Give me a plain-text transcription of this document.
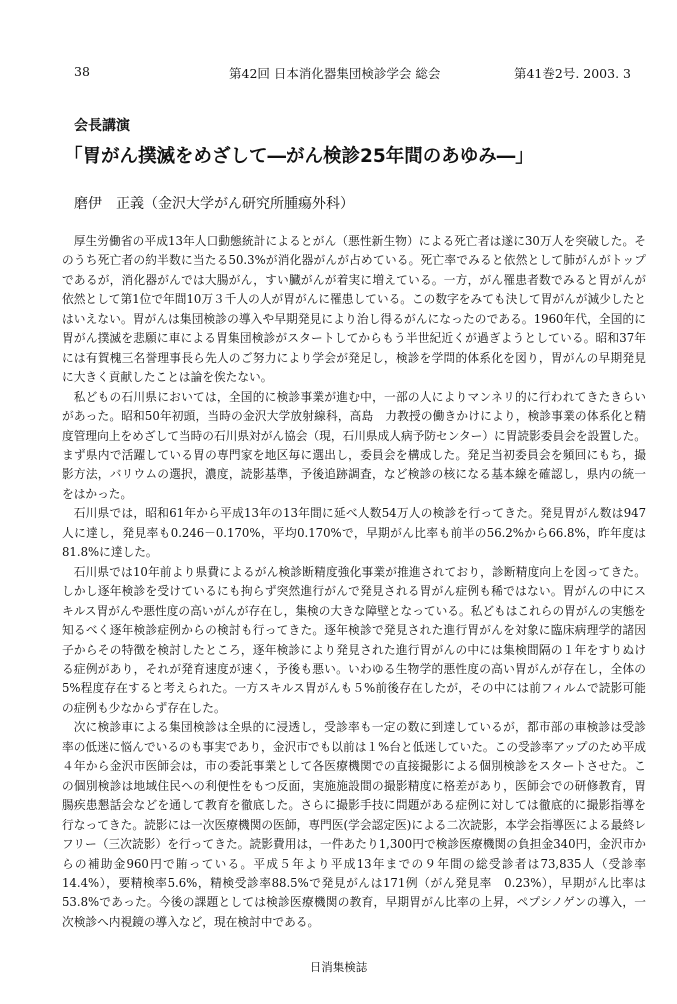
38	第42回 日本消化器集団検診学会 総会	第41巻2号. 2003. 3
会長講演
「胃がん撲滅をめざして―がん検診25年間のあゆみ―」
磨伊　正義（金沢大学がん研究所腫瘍外科）

厚生労働省の平成13年人口動態統計によるとがん（悪性新生物）による死亡者は遂に30万人を突破した。そのうち死亡者の約半数に当たる50.3%が消化器がんが占めている。死亡率でみると依然として肺がんがトップであるが，消化器がんでは大腸がん，すい臓がんが着実に増えている。一方，がん罹患者数でみると胃がんが依然として第1位で年間10万３千人の人が胃がんに罹患している。この数字をみても決して胃がんが減少したとはいえない。胃がんは集団検診の導入や早期発見により治し得るがんになったのである。1960年代，全国的に胃がん撲滅を悲願に車による胃集団検診がスタートしてからもう半世紀近くが過ぎようとしている。昭和37年には有賀槐三名誉理事長ら先人のご努力により学会が発足し，検診を学問的体系化を図り，胃がんの早期発見に大きく貢献したことは論を俟たない。

私どもの石川県においては，全国的に検診事業が進む中，一部の人によりマンネリ的に行われてきたきらいがあった。昭和50年初頭，当時の金沢大学放射線科，高島　力教授の働きかけにより，検診事業の体系化と精度管理向上をめざして当時の石川県対がん協会（現，石川県成人病予防センター）に胃読影委員会を設置した。まず県内で活躍している胃の専門家を地区毎に選出し，委員会を構成した。発足当初委員会を頻回にもち，撮影方法，バリウムの選択，濃度，読影基準，予後追跡調査，など検診の核になる基本線を確認し，県内の統一をはかった。

石川県では，昭和61年から平成13年の13年間に延べ人数54万人の検診を行ってきた。発見胃がん数は947人に達し，発見率も0.246－0.170%，平均0.170%で，早期がん比率も前半の56.2%から66.8%，昨年度は81.8%に達した。

石川県では10年前より県費によるがん検診断精度強化事業が推進されており，診断精度向上を図ってきた。しかし逐年検診を受けているにも拘らず突然進行がんで発見される胃がん症例も稀ではない。胃がんの中にスキルス胃がんや悪性度の高いがんが存在し，集検の大きな障壁となっている。私どもはこれらの胃がんの実態を知るべく逐年検診症例からの検討も行ってきた。逐年検診で発見された進行胃がんを対象に臨床病理学的諸因子からその特徴を検討したところ，逐年検診により発見された進行胃がんの中には集検間隔の１年をすりぬける症例があり，それが発育速度が速く，予後も悪い。いわゆる生物学的悪性度の高い胃がんが存在し，全体の5%程度存在すると考えられた。一方スキルス胃がんも５%前後存在したが，その中には前フィルムで読影可能の症例も少なからず存在した。

次に検診車による集団検診は全県的に浸透し，受診率も一定の数に到達しているが，都市部の車検診は受診率の低迷に悩んでいるのも事実であり，金沢市でも以前は１%台と低迷していた。この受診率アップのため平成４年から金沢市医師会は，市の委託事業として各医療機関での直接撮影による個別検診をスタートさせた。この個別検診は地域住民への利便性をもつ反面，実施施設間の撮影精度に格差があり，医師会での研修教育，胃腸疾患懇話会などを通して教育を徹底した。さらに撮影手技に問題がある症例に対しては徹底的に撮影指導を行なってきた。読影には一次医療機関の医師，専門医(学会認定医)による二次読影，本学会指導医による最終レフリー（三次読影）を行ってきた。読影費用は，一件あたり1,300円で検診医療機関の負担金340円，金沢市からの補助金960円で賄っている。平成５年より平成13年までの９年間の総受診者は73,835人（受診率　14.4%），要精検率5.6%，精検受診率88.5%で発見がんは171例（がん発見率　0.23%），早期がん比率は53.8%であった。今後の課題としては検診医療機関の教育，早期胃がん比率の上昇，ペプシノゲンの導入，一次検診へ内視鏡の導入など，現在検討中である。

日消集検誌
